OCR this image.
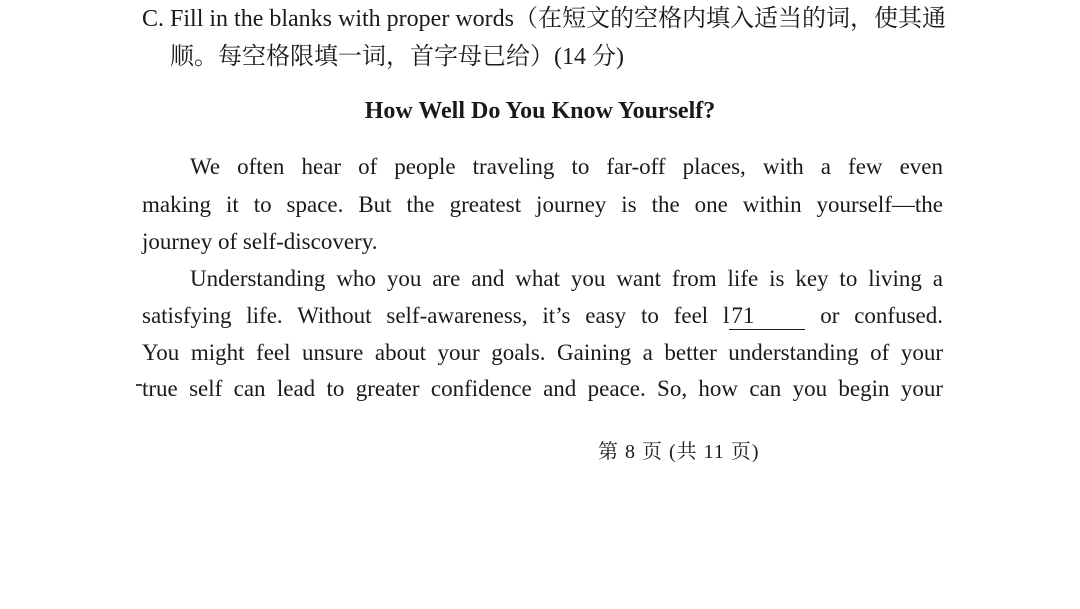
C. Fill in the blanks with proper words（在短文的空格内填入适当的词，使其通
顺。每空格限填一词，首字母已给）(14 分)
How Well Do You Know Yourself?
We often hear of people traveling to far-off places, with a few even
making it to space. But the greatest journey is the one within yourself—the
journey of self-discovery.
Understanding who you are and what you want from life is key to living a
satisfying life. Without self-awareness, it’s easy to feel l71 or confused.
You might feel unsure about your goals. Gaining a better understanding of your
true self can lead to greater confidence and peace. So, how can you begin your
第 8 页 (共 11 页)
